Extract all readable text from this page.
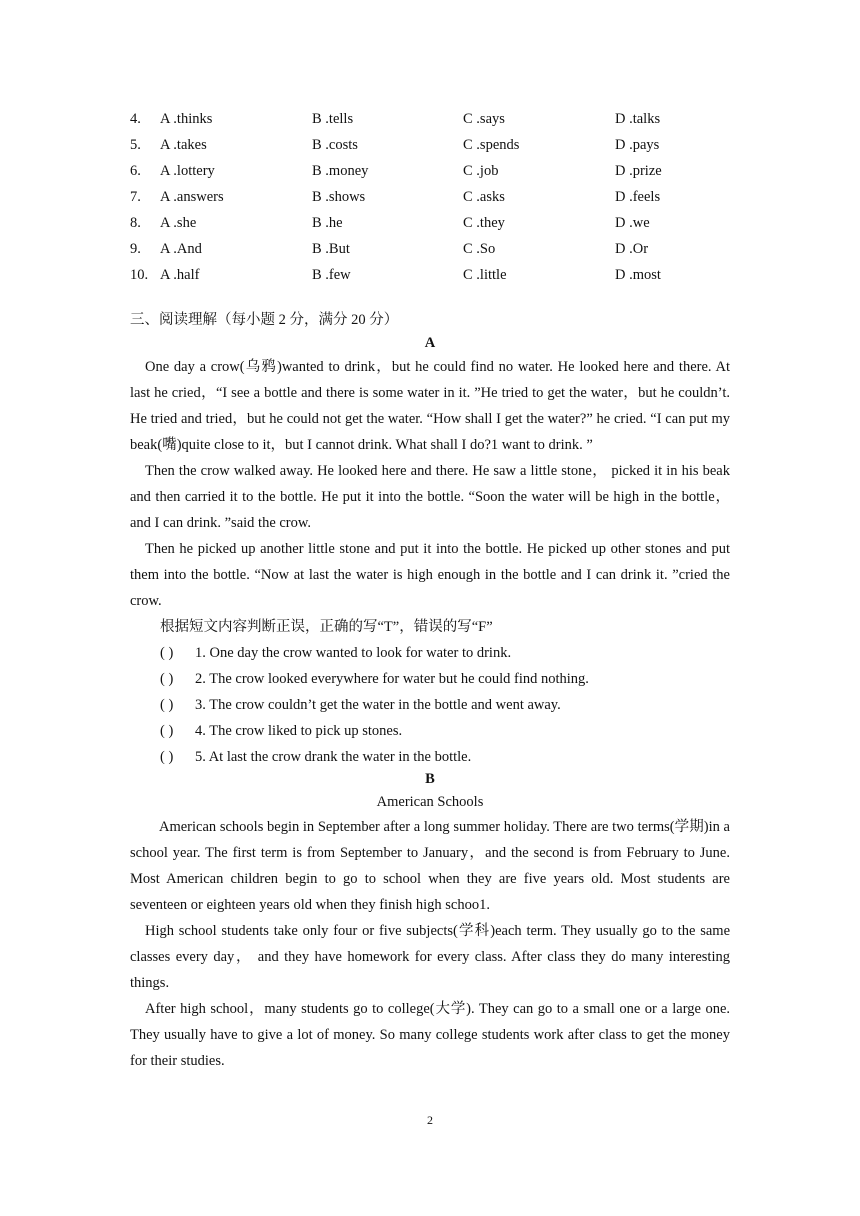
4. A .thinks	B .tells	C .says	D .talks
5. A .takes	B .costs	C .spends	D .pays
6. A .lottery	B .money	C .job	D .prize
7. A .answers	B .shows	C .asks	D .feels
8. A .she	B .he	C .they	D .we
9. A .And	B .But	C .So	D .Or
10. A .half	B .few	C .little	D .most
三、阅读理解（每小题 2 分，满分 20 分）
A

One day a crow(乌鸦)wanted to drink，but he could find no water. He looked here and there. At last he cried，“I see a bottle and there is some water in it. ”He tried to get the water，but he couldn’t. He tried and tried，but he could not get the water. “How shall I get the water?” he cried. “I can put my beak(嘴)quite close to it，but I cannot drink. What shall I do?1 want to drink. ”

Then the crow walked away. He looked here and there. He saw a little stone， picked it in his beak and then carried it to the bottle. He put it into the bottle. “Soon the water will be high in the bottle，and I can drink. ”said the crow.

Then he picked up another little stone and put it into the bottle. He picked up other stones and put them into the bottle. “Now at last the water is high enough in the bottle and I can drink it. ”cried the crow.

根据短文内容判断正误，正确的写“T”，错误的写“F”
( ) 1. One day the crow wanted to look for water to drink.
( ) 2. The crow looked everywhere for water but he could find nothing.
( ) 3. The crow couldn’t get the water in the bottle and went away.
( ) 4. The crow liked to pick up stones.
( ) 5. At last the crow drank the water in the bottle.
B
American Schools

American schools begin in September after a long summer holiday. There are two terms(学期)in a school year. The first term is from September to January，and the second is from February to June. Most American children begin to go to school when they are five years old. Most students are seventeen or eighteen years old when they finish high schoo1.

High school students take only four or five subjects(学科)each term. They usually go to the same classes every day， and they have homework for every class. After class they do many interesting things.

After high school，many students go to college(大学). They can go to a small one or a large one. They usually have to give a lot of money. So many college students work after class to get the money for their studies.

2
